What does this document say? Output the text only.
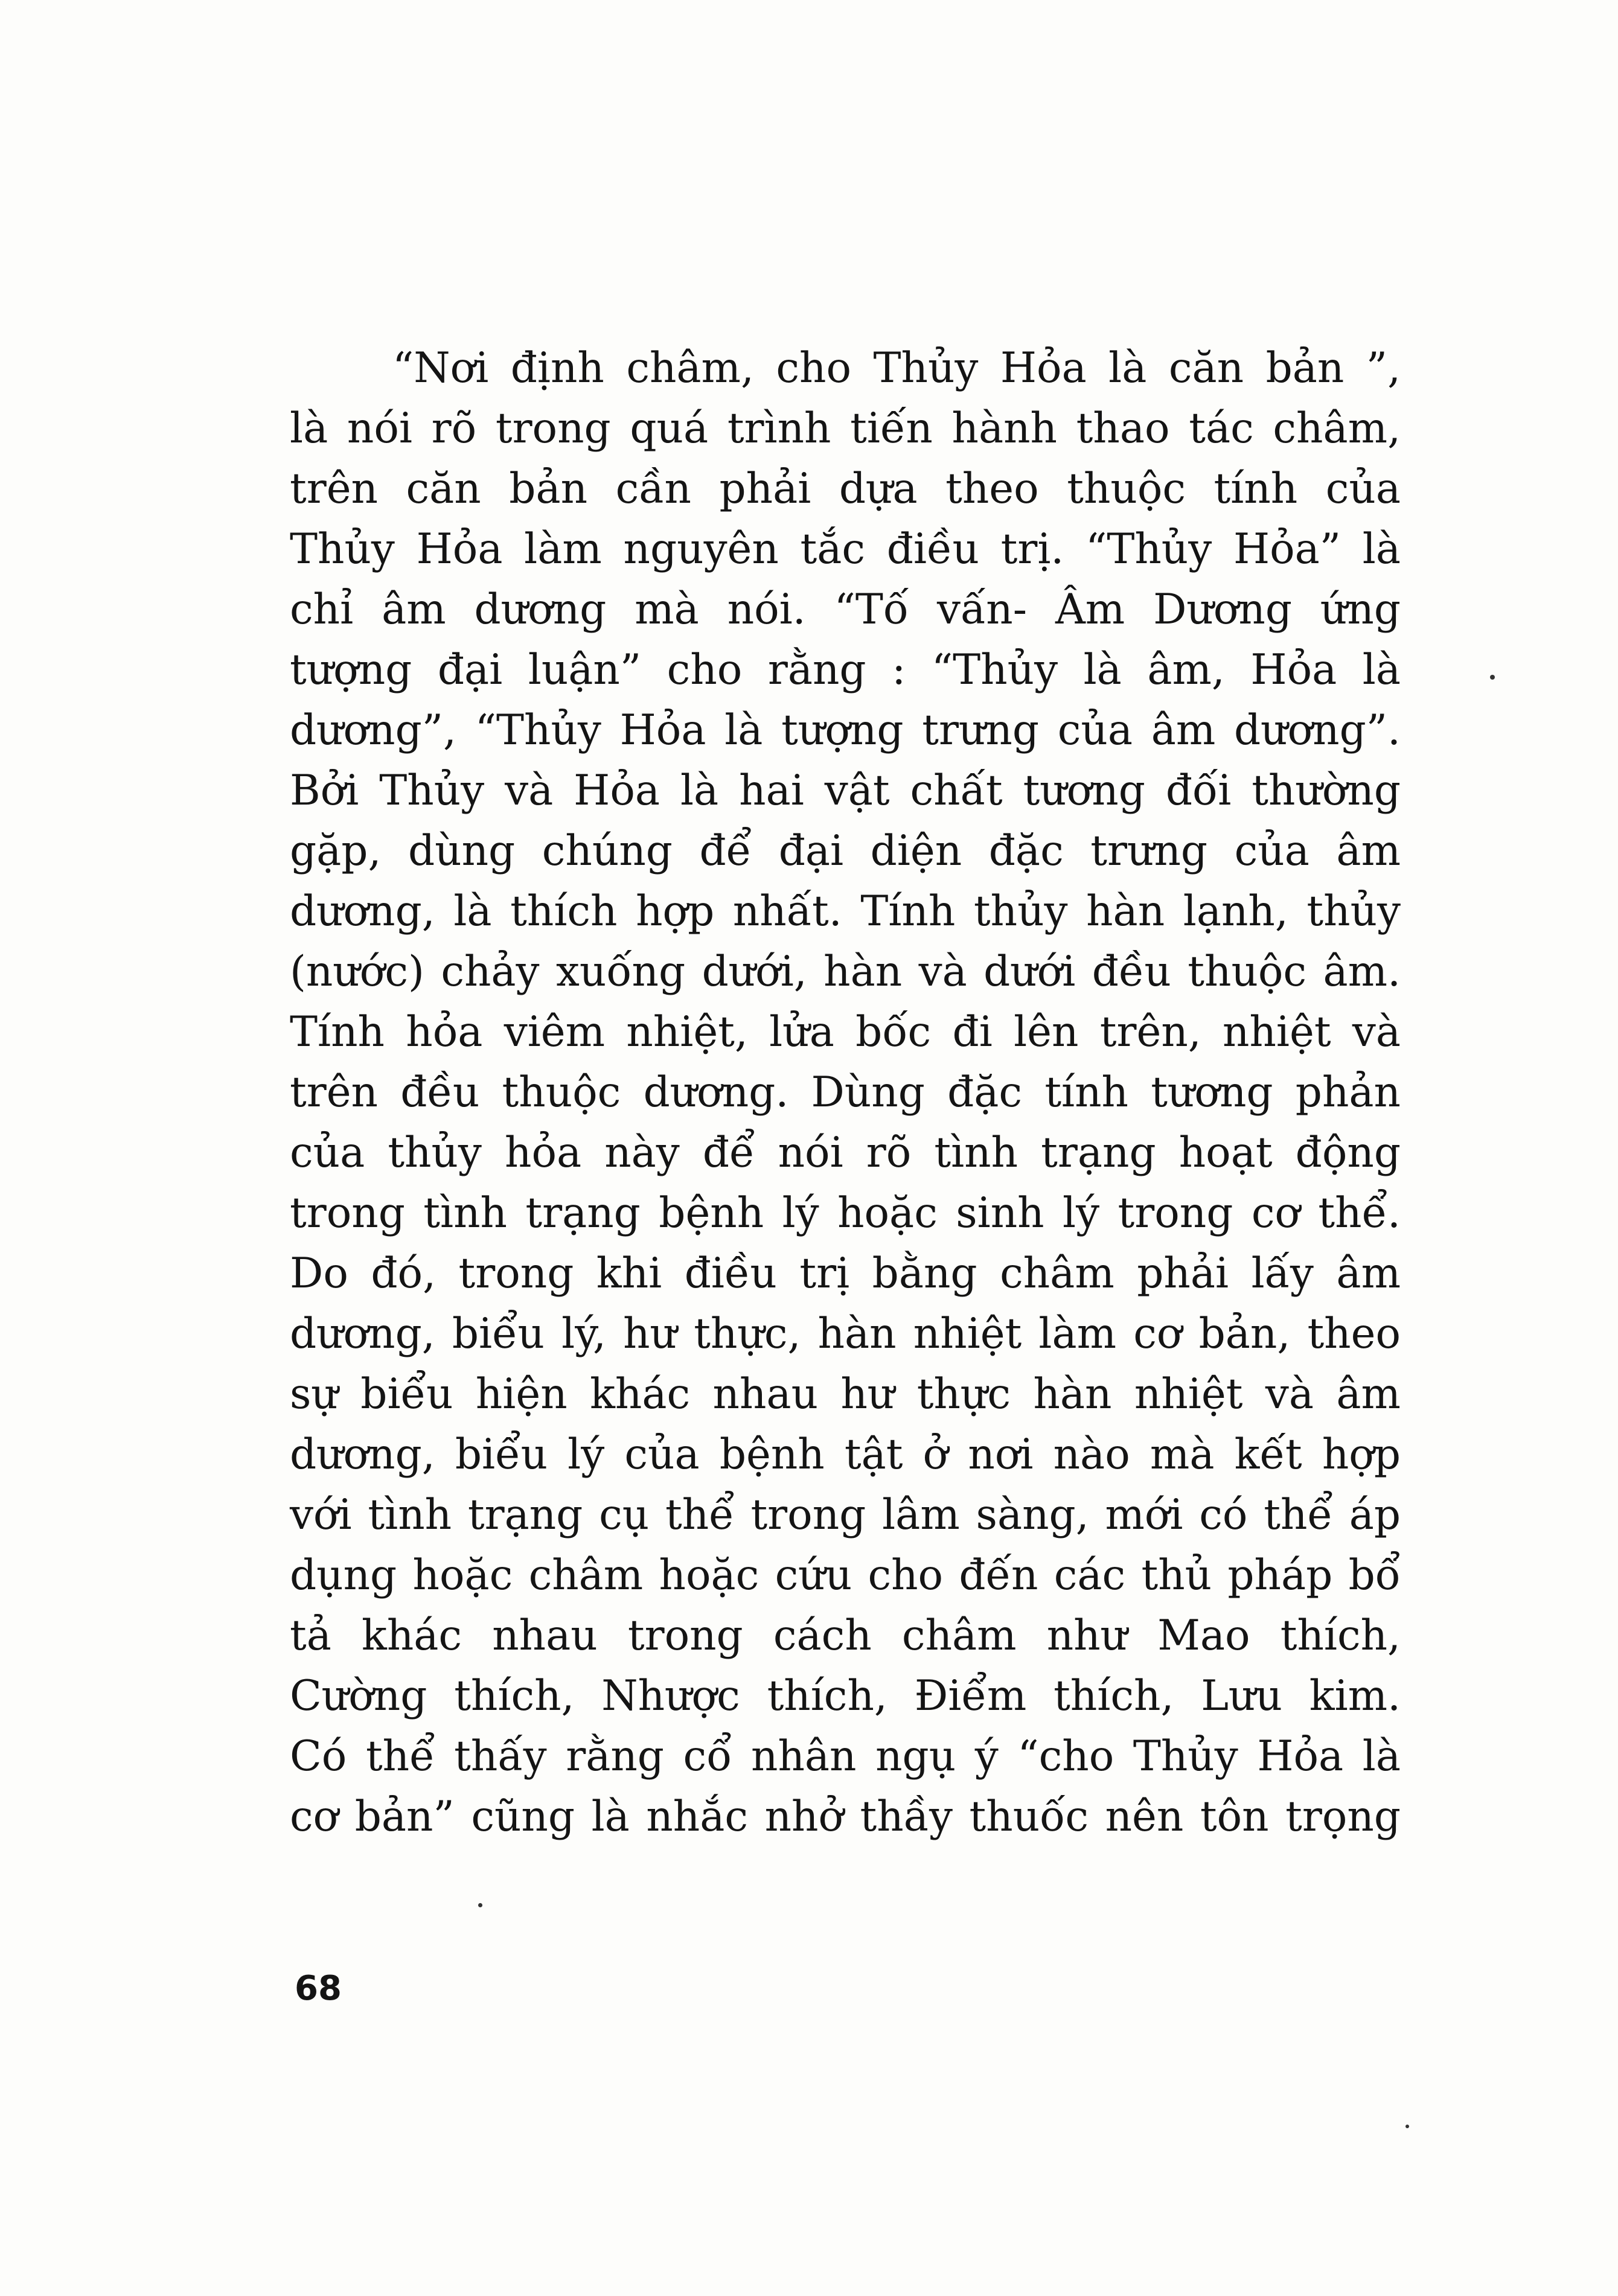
“Nơi định châm, cho Thủy Hỏa là căn bản ”,
là nói rõ trong quá trình tiến hành thao tác châm,
trên căn bản cần phải dựa theo thuộc tính của
Thủy Hỏa làm nguyên tắc điều trị. “Thủy Hỏa” là
chỉ âm dương mà nói. “Tố vấn- Âm Dương ứng
tượng đại luận” cho rằng : “Thủy là âm, Hỏa là
dương”, “Thủy Hỏa là tượng trưng của âm dương”.
Bởi Thủy và Hỏa là hai vật chất tương đối thường
gặp, dùng chúng để đại diện đặc trưng của âm
dương, là thích hợp nhất. Tính thủy hàn lạnh, thủy
(nước) chảy xuống dưới, hàn và dưới đều thuộc âm.
Tính hỏa viêm nhiệt, lửa bốc đi lên trên, nhiệt và
trên đều thuộc dương. Dùng đặc tính tương phản
của thủy hỏa này để nói rõ tình trạng hoạt động
trong tình trạng bệnh lý hoặc sinh lý trong cơ thể.
Do đó, trong khi điều trị bằng châm phải lấy âm
dương, biểu lý, hư thực, hàn nhiệt làm cơ bản, theo
sự biểu hiện khác nhau hư thực hàn nhiệt và âm
dương, biểu lý của bệnh tật ở nơi nào mà kết hợp
với tình trạng cụ thể trong lâm sàng, mới có thể áp
dụng hoặc châm hoặc cứu cho đến các thủ pháp bổ
tả khác nhau trong cách châm như Mao thích,
Cường thích, Nhược thích, Điểm thích, Lưu kim.
Có thể thấy rằng cổ nhân ngụ ý “cho Thủy Hỏa là
cơ bản” cũng là nhắc nhở thầy thuốc nên tôn trọng
68
